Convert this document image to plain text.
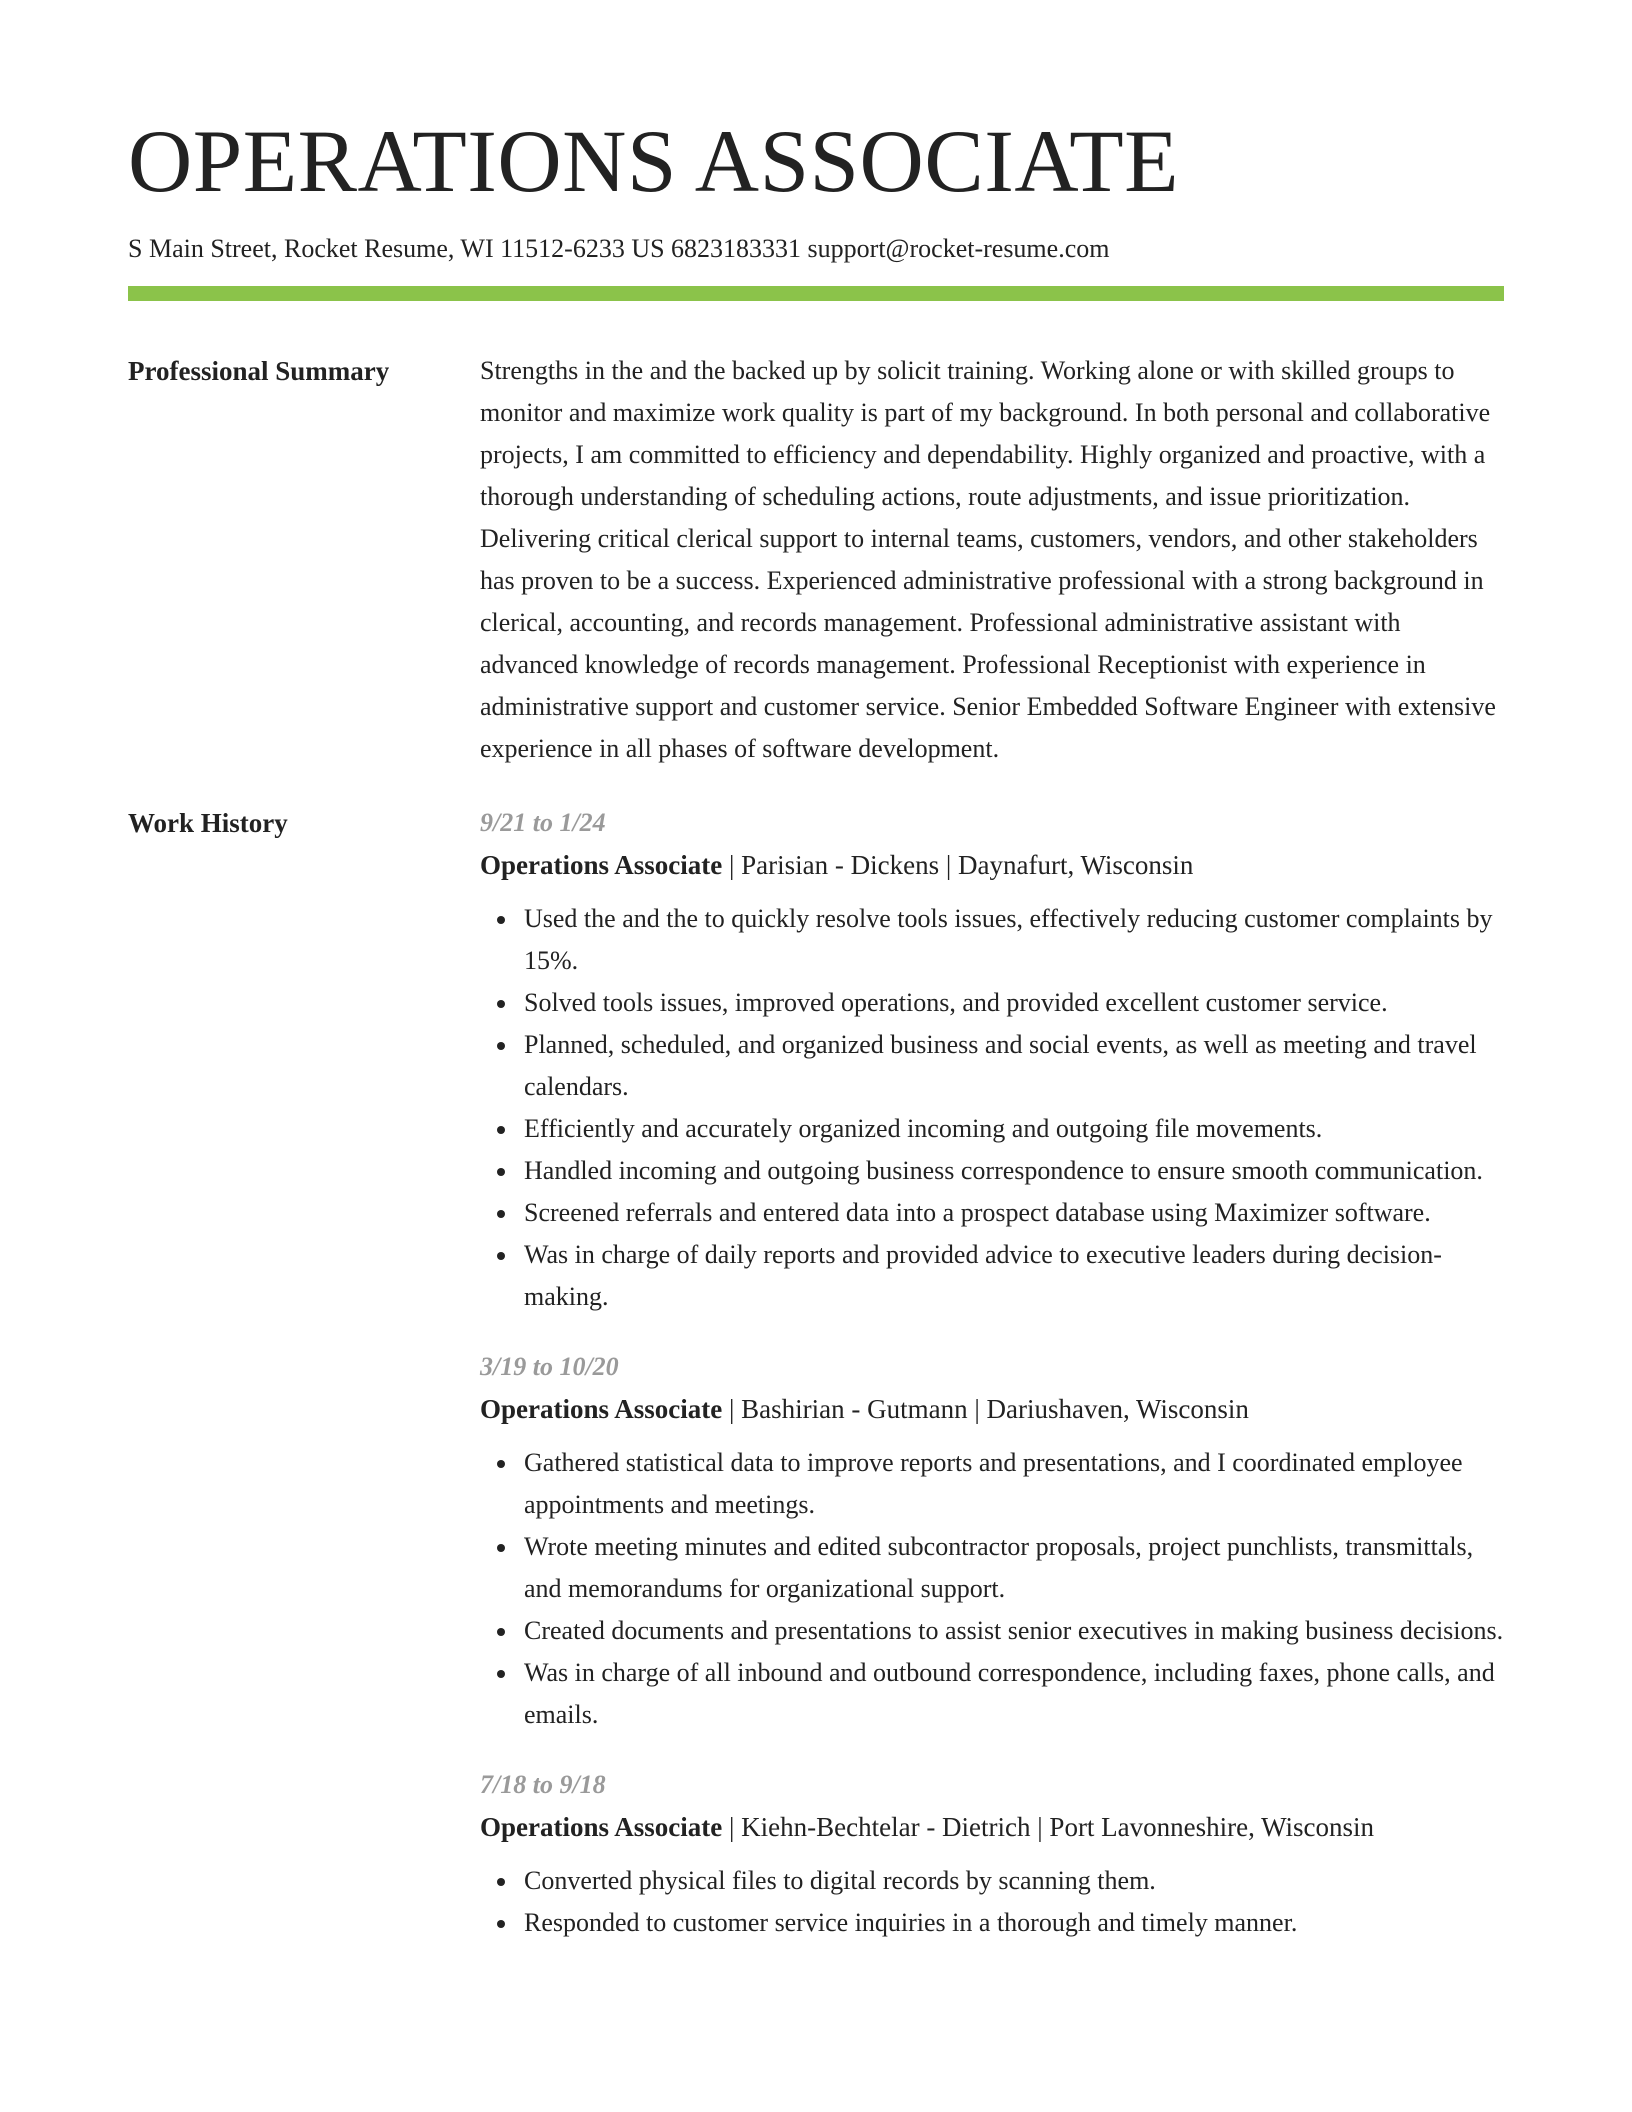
OPERATIONS ASSOCIATE
S Main Street, Rocket Resume, WI 11512-6233 US 6823183331 support@rocket-resume.com
Professional Summary	Strengths in the and the backed up by solicit training. Working alone or with skilled groups to monitor and maximize work quality is part of my background. In both personal and collaborative projects, I am committed to efficiency and dependability. Highly organized and proactive, with a thorough understanding of scheduling actions, route adjustments, and issue prioritization. Delivering critical clerical support to internal teams, customers, vendors, and other stakeholders has proven to be a success. Experienced administrative professional with a strong background in clerical, accounting, and records management. Professional administrative assistant with advanced knowledge of records management. Professional Receptionist with experience in administrative support and customer service. Senior Embedded Software Engineer with extensive experience in all phases of software development.

Work History	9/21 to 1/24
Operations Associate | Parisian - Dickens | Daynafurt, Wisconsin
Used the and the to quickly resolve tools issues, effectively reducing customer complaints by 15%.
Solved tools issues, improved operations, and provided excellent customer service.
Planned, scheduled, and organized business and social events, as well as meeting and travel calendars.
Efficiently and accurately organized incoming and outgoing file movements.
Handled incoming and outgoing business correspondence to ensure smooth communication.
Screened referrals and entered data into a prospect database using Maximizer software.
Was in charge of daily reports and provided advice to executive leaders during decision-making.
3/19 to 10/20
Operations Associate | Bashirian - Gutmann | Dariushaven, Wisconsin
Gathered statistical data to improve reports and presentations, and I coordinated employee appointments and meetings.
Wrote meeting minutes and edited subcontractor proposals, project punchlists, transmittals, and memorandums for organizational support.
Created documents and presentations to assist senior executives in making business decisions.
Was in charge of all inbound and outbound correspondence, including faxes, phone calls, and emails.
7/18 to 9/18
Operations Associate | Kiehn-Bechtelar - Dietrich | Port Lavonneshire, Wisconsin
Converted physical files to digital records by scanning them.
Responded to customer service inquiries in a thorough and timely manner.
